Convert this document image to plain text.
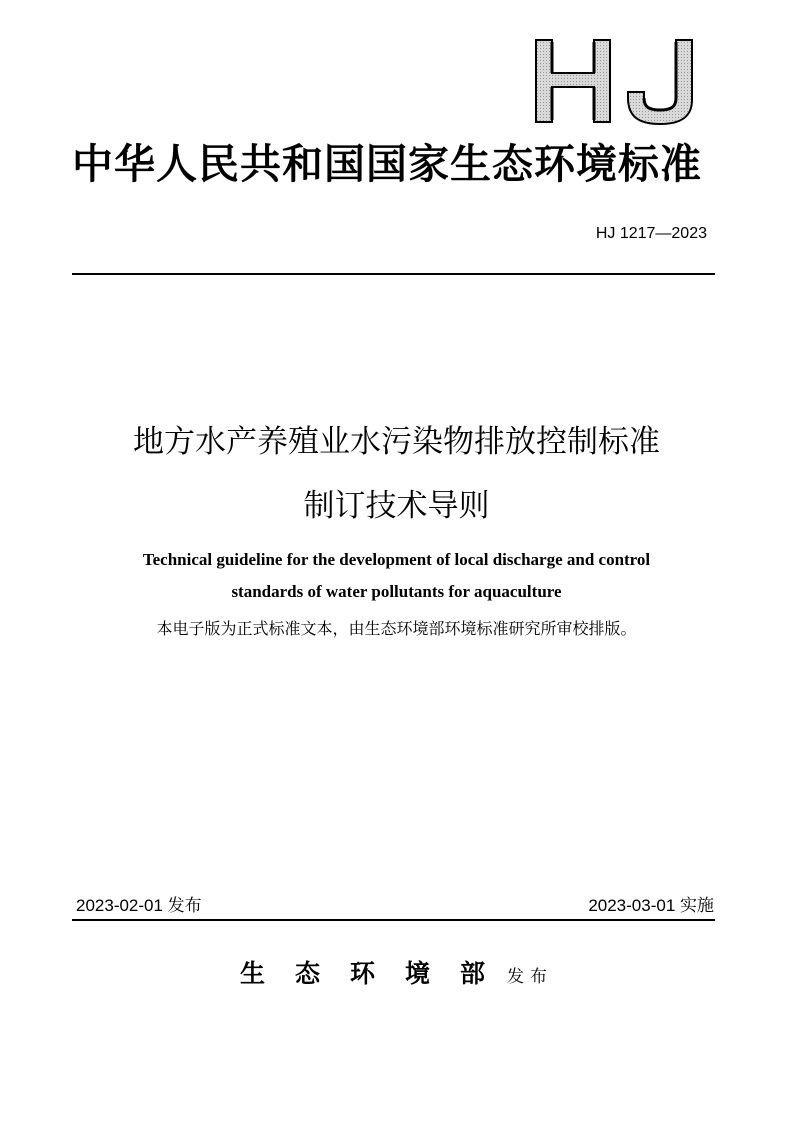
中华人民共和国国家生态环境标准
HJ 1217—2023
地方水产养殖业水污染物排放控制标准
制订技术导则
Technical guideline for the development of local discharge and control
standards of water pollutants for aquaculture
本电子版为正式标准文本，由生态环境部环境标准研究所审校排版。
2023-02-01 发布	2023-03-01 实施
生态环境部发布
